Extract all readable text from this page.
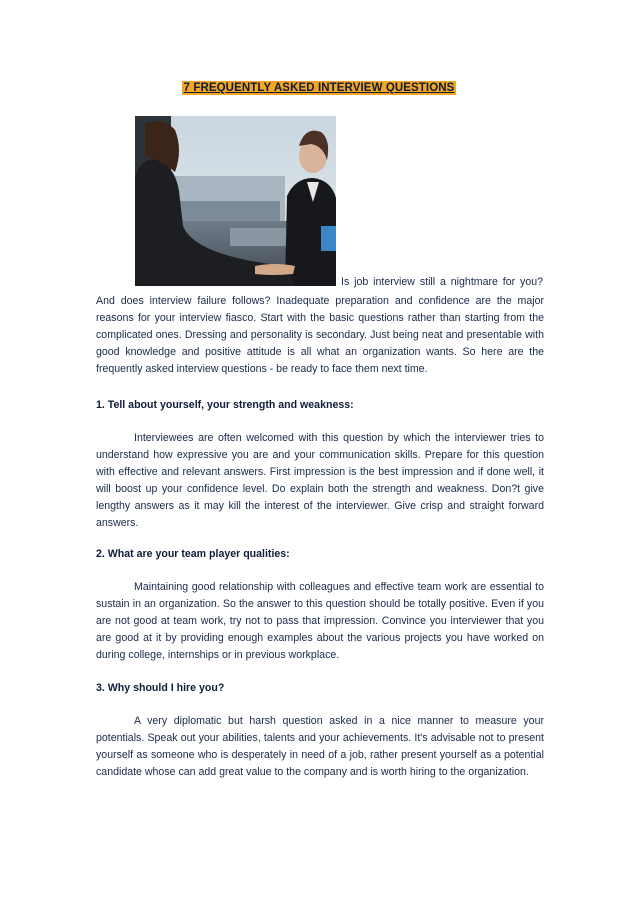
7 FREQUENTLY ASKED INTERVIEW QUESTIONS
Is job interview still a nightmare for you?

And does interview failure follows? Inadequate preparation and confidence are the major reasons for your interview fiasco. Start with the basic questions rather than starting from the complicated ones. Dressing and personality is secondary. Just being neat and presentable with good knowledge and positive attitude is all what an organization wants. So here are the frequently asked interview questions - be ready to face them next time.

1. Tell about yourself, your strength and weakness:

Interviewees are often welcomed with this question by which the interviewer tries to understand how expressive you are and your communication skills. Prepare for this question with effective and relevant answers. First impression is the best impression and if done well, it will boost up your confidence level. Do explain both the strength and weakness. Don?t give lengthy answers as it may kill the interest of the interviewer. Give crisp and straight forward answers.

2. What are your team player qualities:

Maintaining good relationship with colleagues and effective team work are essential to sustain in an organization. So the answer to this question should be totally positive. Even if you are not good at team work, try not to pass that impression. Convince you interviewer that you are good at it by providing enough examples about the various projects you have worked on during college, internships or in previous workplace.

3. Why should I hire you?

A very diplomatic but harsh question asked in a nice manner to measure your potentials. Speak out your abilities, talents and your achievements. It's advisable not to present yourself as someone who is desperately in need of a job, rather present yourself as a potential candidate whose can add great value to the company and is worth hiring to the organization.
